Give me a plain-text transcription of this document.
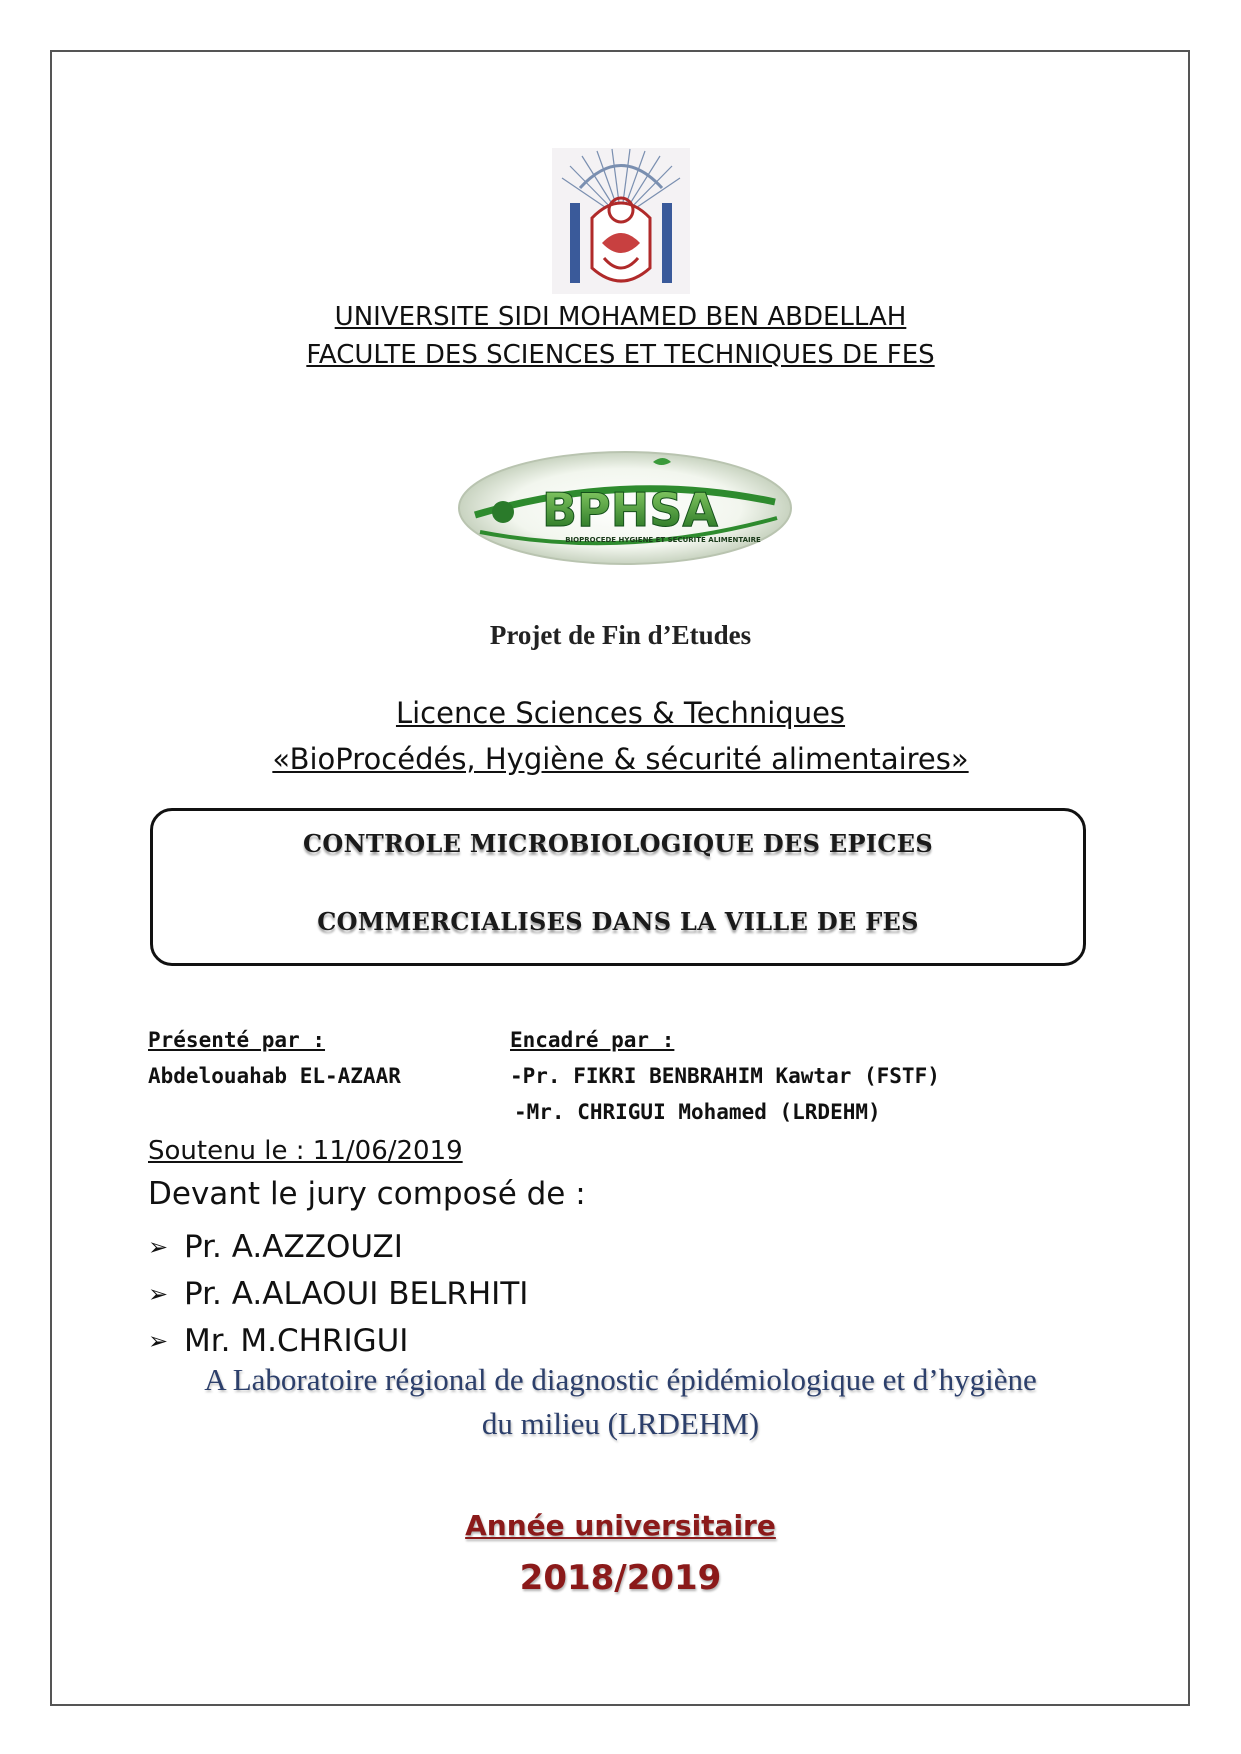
UNIVERSITE SIDI MOHAMED BEN ABDELLAH
FACULTE DES SCIENCES ET TECHNIQUES DE FES
BPHSA
BIOPROCEDE HYGIENE ET SECURITE ALIMENTAIRE
Projet de Fin d’Etudes
Licence Sciences & Techniques
«BioProcédés, Hygiène & sécurité alimentaires»
CONTROLE MICROBIOLOGIQUE DES EPICES
COMMERCIALISES DANS LA VILLE DE FES
Présenté par :
Abdelouahab EL-AZAAR
Encadré par :
-Pr. FIKRI BENBRAHIM Kawtar (FSTF)
-Mr. CHRIGUI Mohamed (LRDEHM)
Soutenu le : 11/06/2019
Devant le jury composé de :
➢ Pr. A.AZZOUZI
➢ Pr. A.ALAOUI BELRHITI
➢ Mr. M.CHRIGUI
A Laboratoire régional de diagnostic épidémiologique et d’hygiène
du milieu (LRDEHM)
Année universitaire
2018/2019
